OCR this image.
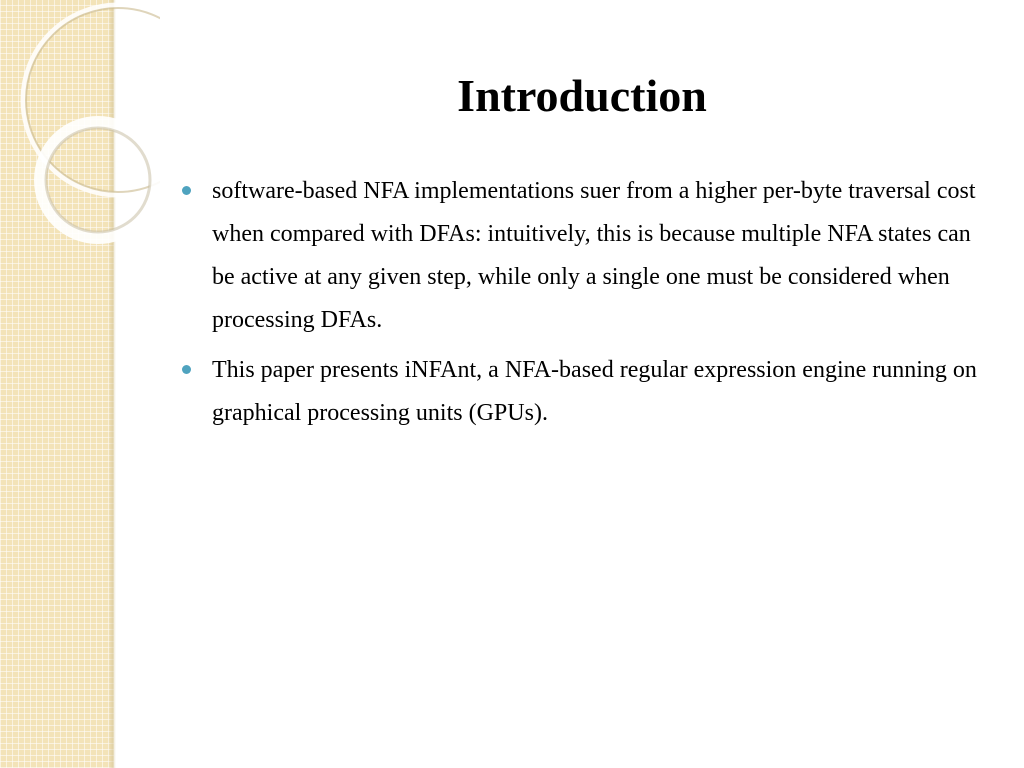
Introduction
software-based NFA implementations suer from a higher per-byte traversal cost when compared with DFAs: intuitively, this is because multiple NFA states can be active at any given step, while only a single one must be considered when processing DFAs.
This paper presents iNFAnt, a NFA-based regular expression engine running on graphical processing units (GPUs).
